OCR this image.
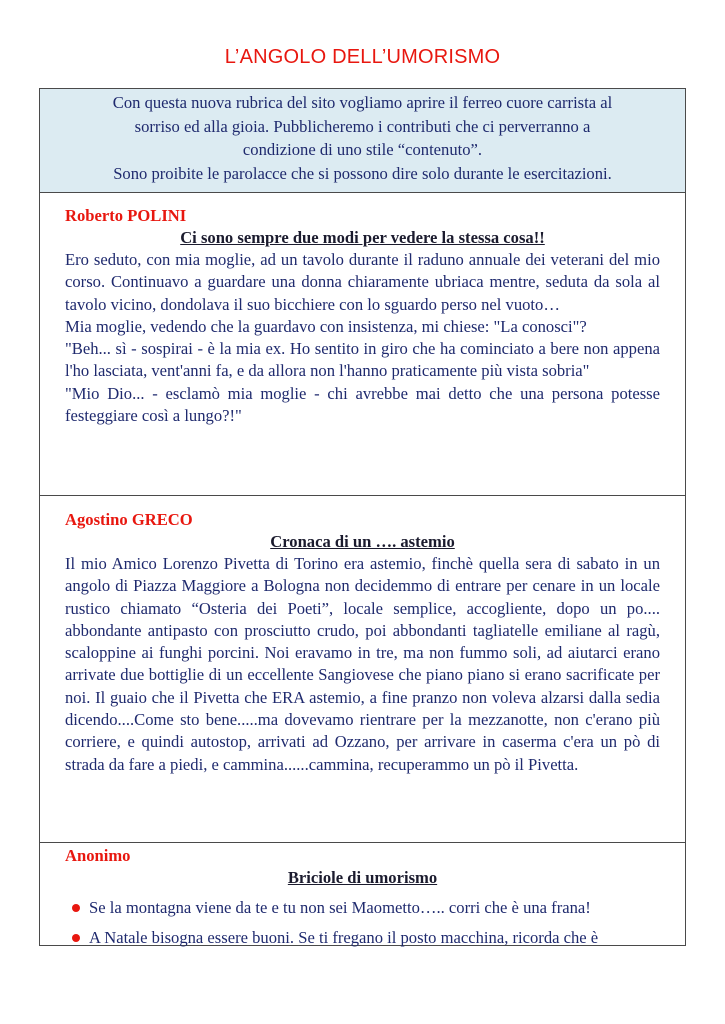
L’ANGOLO DELL’UMORISMO
Con questa nuova rubrica del sito vogliamo aprire il ferreo cuore carrista al
sorriso ed alla gioia. Pubblicheremo i contributi che ci perverranno a
condizione di uno stile “contenuto”.
Sono proibite le parolacce che si possono dire solo durante le esercitazioni.
Roberto POLINI
Ci sono sempre due modi per vedere la stessa cosa!!

Ero seduto, con mia moglie, ad un tavolo durante il raduno annuale dei veterani del mio corso. Continuavo a guardare una donna chiaramente ubriaca mentre, seduta da sola al tavolo vicino, dondolava il suo bicchiere con lo sguardo perso nel vuoto…

Mia moglie, vedendo che la guardavo con insistenza, mi chiese: "La conosci"?

"Beh... sì - sospirai - è la mia ex. Ho sentito in giro che ha cominciato a bere non appena l'ho lasciata, vent'anni fa, e da allora non l'hanno praticamente più vista sobria"

"Mio Dio... - esclamò mia moglie - chi avrebbe mai detto che una persona potesse festeggiare così a lungo?!"

Agostino GRECO
Cronaca di un …. astemio

Il mio Amico Lorenzo Pivetta di Torino era astemio, finchè quella sera di sabato in un angolo di Piazza Maggiore a Bologna non decidemmo di entrare per cenare in un locale rustico chiamato “Osteria dei Poeti”, locale semplice, accogliente, dopo un po.... abbondante antipasto con prosciutto crudo, poi abbondanti tagliatelle emiliane al ragù, scaloppine ai funghi porcini. Noi eravamo in tre, ma non fummo soli, ad aiutarci erano arrivate due bottiglie di un eccellente Sangiovese che piano piano si erano sacrificate per noi. Il guaio che il Pivetta che ERA astemio, a fine pranzo non voleva alzarsi dalla sedia dicendo....Come sto bene.....ma dovevamo rientrare per la mezzanotte, non c'erano più corriere, e quindi autostop, arrivati ad Ozzano, per arrivare in caserma c'era un pò di strada da fare a piedi, e cammina......cammina, recuperammo un pò il Pivetta.

Anonimo
Briciole di umorismo
Se la montagna viene da te e tu non sei Maometto….. corri che è una frana!
A Natale bisogna essere buoni. Se ti fregano il posto macchina, ricorda che è
